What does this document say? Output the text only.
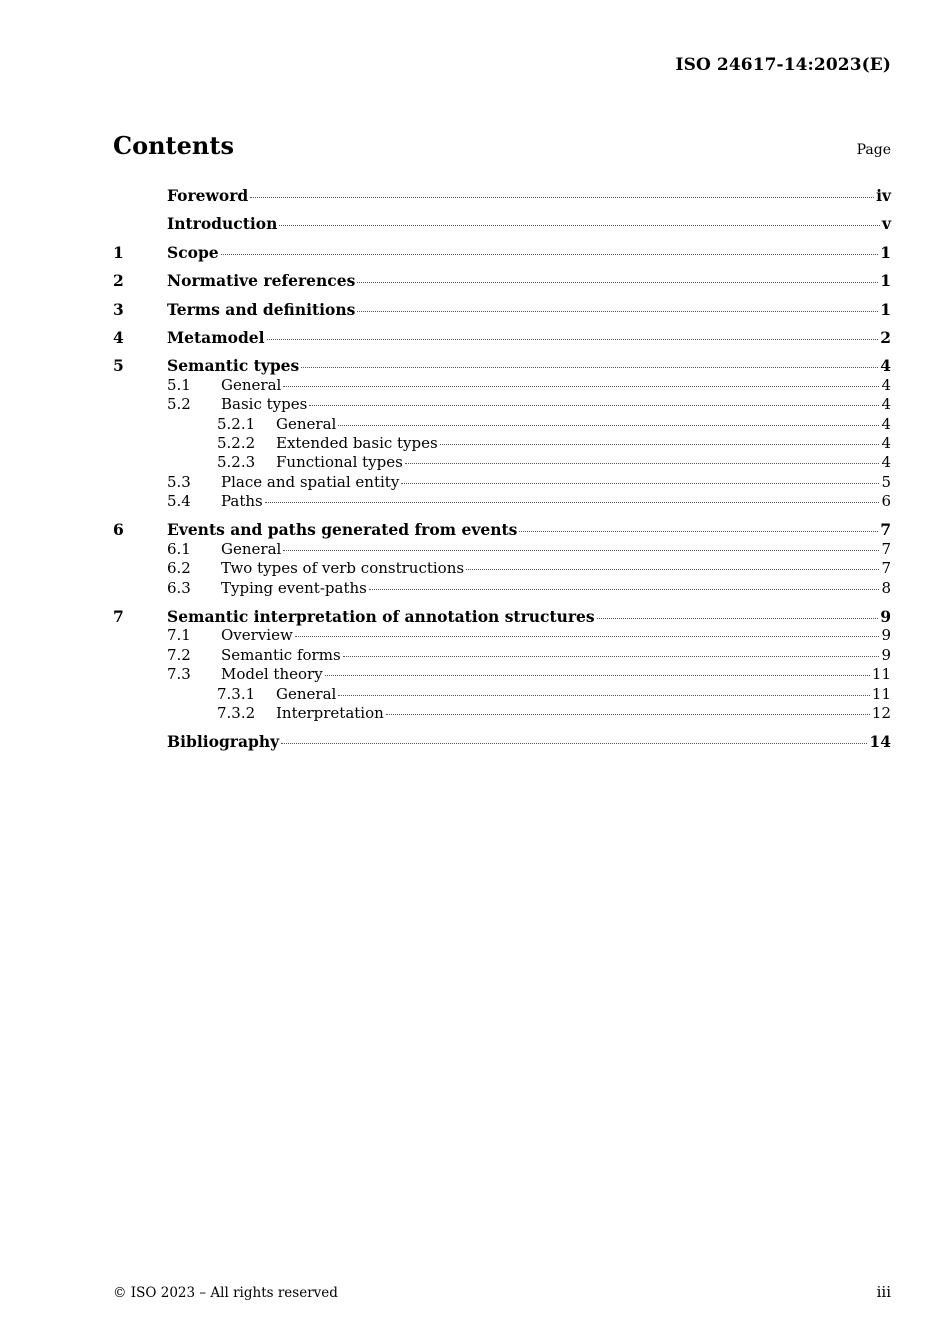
ISO 24617-14:2023(E)
Contents	Page
Foreword	iv
Introduction	v
1	Scope	1
2	Normative references	1
3	Terms and definitions	1
4	Metamodel	2
5	Semantic types	4
5.1	General	4
5.2	Basic types	4
5.2.1	General	4
5.2.2	Extended basic types	4
5.2.3	Functional types	4
5.3	Place and spatial entity	5
5.4	Paths	6
6	Events and paths generated from events	7
6.1	General	7
6.2	Two types of verb constructions	7
6.3	Typing event-paths	8
7	Semantic interpretation of annotation structures	9
7.1	Overview	9
7.2	Semantic forms	9
7.3	Model theory	11
7.3.1	General	11
7.3.2	Interpretation	12
Bibliography	14
© ISO 2023 – All rights reserved	iii
